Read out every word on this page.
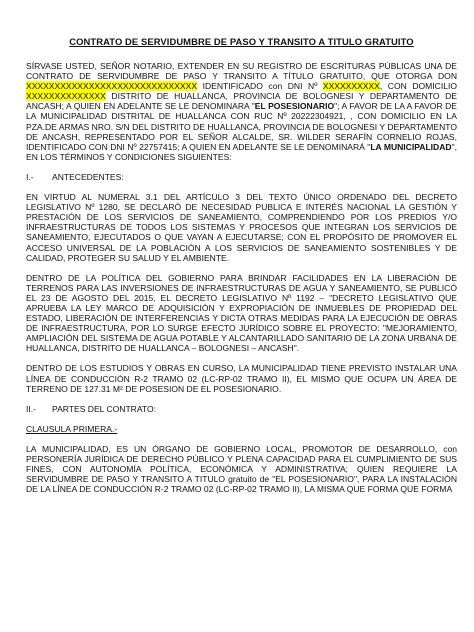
CONTRATO DE SERVIDUMBRE DE PASO Y TRANSITO A TITULO GRATUITO

SÍRVASE USTED, SEÑOR NOTARIO, EXTENDER EN SU REGISTRO DE ESCRITURAS PÚBLICAS UNA DE CONTRATO DE SERVIDUMBRE DE PASO Y TRANSITO A TÍTULO GRATUITO, QUE OTORGA DON XXXXXXXXXXXXXXXXXXXXXXXXXXXXXX IDENTIFICADO con DNI Nº XXXXXXXXXX, CON DOMICILIO XXXXXXXXXXXXXX DISTRITO DE HUALLANCA, PROVINCIA DE BOLOGNESI Y DEPARTAMENTO DE ANCASH; A QUIEN EN ADELANTE SE LE DENOMINARA "EL POSESIONARIO"; A FAVOR DE LA A FAVOR DE LA MUNICIPALIDAD DISTRITAL DE HUALLANCA CON RUC Nº 20222304921, , CON DOMICILIO EN LA PZA.DE ARMAS NRO. S/N DEL DISTRITO DE HUALLANCA, PROVINCIA DE BOLOGNESI Y DEPARTAMENTO DE ANCASH, REPRESENTADO POR EL SEÑOR ALCALDE, SR. WILDER SERAFÍN CORNELIO ROJAS, IDENTIFICADO CON DNI Nº 22757415; A QUIEN EN ADELANTE SE LE DENOMINARÁ "LA MUNICIPALIDAD", EN LOS TÉRMINOS Y CONDICIONES SIGUIENTES:

I.- ANTECEDENTES:

EN VIRTUD AL NUMERAL 3.1 DEL ARTÍCULO 3 DEL TEXTO ÚNICO ORDENADO DEL DECRETO LEGISLATIVO Nº 1280, SE DECLARÓ DE NECESIDAD PUBLICA E INTERÉS NACIONAL LA GESTIÓN Y PRESTACIÓN DE LOS SERVICIOS DE SANEAMIENTO, COMPRENDIENDO POR LOS PREDIOS Y/O INFRAESTRUCTURAS DE TODOS LOS SISTEMAS Y PROCESOS QUE INTEGRAN LOS SERVICIOS DE SANEAMIENTO, EJECUTADOS O QUE VAYAN A EJECUTARSE; CON EL PROPÓSITO DE PROMOVER EL ACCESO UNIVERSAL DE LA POBLACIÓN A LOS SERVICIOS DE SANEAMIENTO SOSTENIBLES Y DE CALIDAD, PROTEGER SU SALUD Y EL AMBIENTE.

DENTRO DE LA POLÍTICA DEL GOBIERNO PARA BRINDAR FACILIDADES EN LA LIBERACIÓN DE TERRENOS PARA LAS INVERSIONES DE INFRAESTRUCTURAS DE AGUA Y SANEAMIENTO, SE PUBLICÓ EL 23 DE AGOSTO DEL 2015, EL DECRETO LEGISLATIVO Nº 1192 – "DECRETO LEGISLATIVO QUE APRUEBA LA LEY MARCO DE ADQUISICIÓN Y EXPROPIACIÓN DE INMUEBLES DE PROPIEDAD DEL ESTADO, LIBERACIÓN DE INTERFERENCIAS Y DICTA OTRAS MEDIDAS PARA LA EJECUCIÓN DE OBRAS DE INFRAESTRUCTURA, POR LO SURGE EFECTO JURÍDICO SOBRE EL PROYECTO: "MEJORAMIENTO, AMPLIACIÓN DEL SISTEMA DE AGUA POTABLE Y ALCANTARILLADO SANITARIO DE LA ZONA URBANA DE HUALLANCA, DISTRITO DE HUALLANCA – BOLOGNESI – ANCASH".

DENTRO DE LOS ESTUDIOS Y OBRAS EN CURSO, LA MUNICIPALIDAD TIENE PREVISTO INSTALAR UNA LÍNEA DE CONDUCCIÓN R-2 TRAMO 02 (LC-RP-02 TRAMO II), EL MISMO QUE OCUPA UN ÁREA DE TERRENO DE 127.31 M² DE POSESION DE EL POSESIONARIO.

II.- PARTES DEL CONTRATO:

CLAUSULA PRIMERA.-

LA MUNICIPALIDAD, ES UN ÓRGANO DE GOBIERNO LOCAL, PROMOTOR DE DESARROLLO, con PERSONERÍA JURÍDICA DE DERECHO PÚBLICO Y PLENA CAPACIDAD PARA EL CUMPLIMIENTO DE SUS FINES, CON AUTONOMÍA POLÍTICA, ECONÓMICA Y ADMINISTRATIVA; QUIEN REQUIERE LA SERVIDUMBRE DE PASO Y TRANSITO A TITULO gratuito de "EL POSESIONARIO", PARA LA INSTALACIÓN DE LA LÍNEA DE CONDUCCIÓN R-2 TRAMO 02 (LC-RP-02 TRAMO II), LA MISMA QUE FORMA QUE FORMA
